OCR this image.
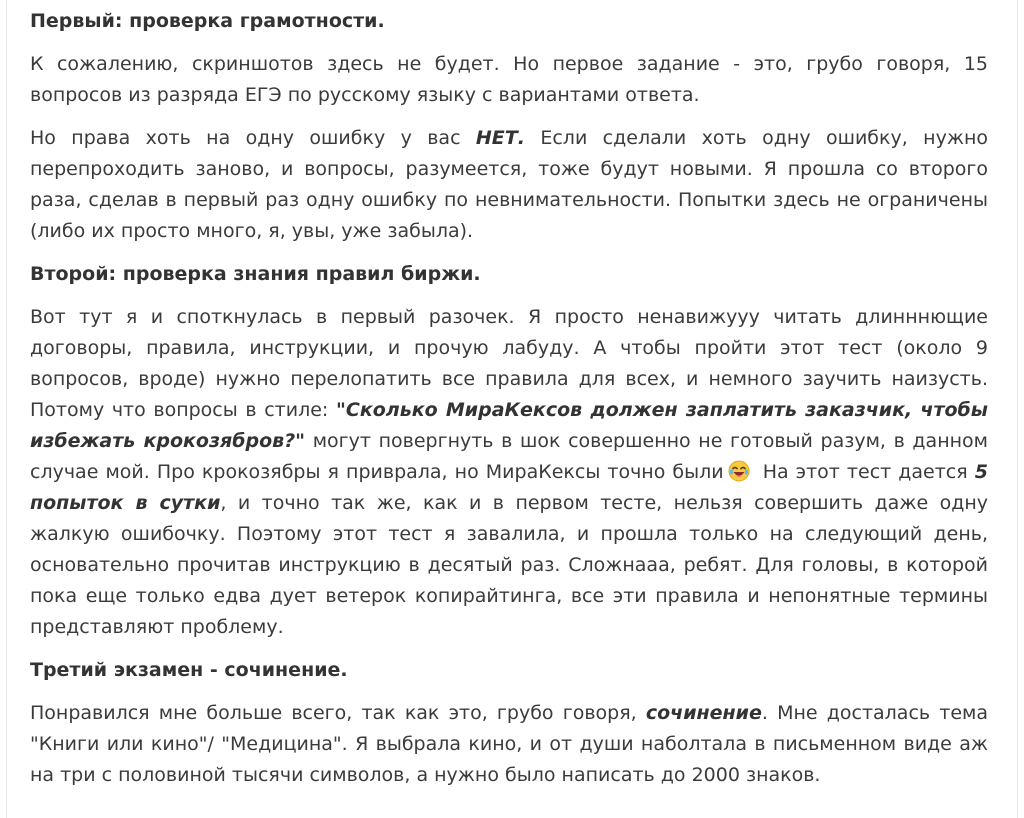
Первый: проверка грамотности.

К сожалению, скриншотов здесь не будет. Но первое задание - это, грубо говоря, 15 вопросов из разряда ЕГЭ по русскому языку с вариантами ответа.

Но права хоть на одну ошибку у вас НЕТ. Если сделали хоть одну ошибку, нужно перепроходить заново, и вопросы, разумеется, тоже будут новыми. Я прошла со второго раза, сделав в первый раз одну ошибку по невнимательности. Попытки здесь не ограничены (либо их просто много, я, увы, уже забыла).

Второй: проверка знания правил биржи.

Вот тут я и споткнулась в первый разочек. Я просто ненавижууу читать длинннющие договоры, правила, инструкции, и прочую лабуду. А чтобы пройти этот тест (около 9 вопросов, вроде) нужно перелопатить все правила для всех, и немного заучить наизусть. Потому что вопросы в стиле: "Сколько МираКексов должен заплатить заказчик, чтобы избежать крокозябров?" могут повергнуть в шок совершенно не готовый разум, в данном случае мой. Про крокозябры я приврала, но МираКексы точно были На этот тест дается 5 попыток в сутки, и точно так же, как и в первом тесте, нельзя совершить даже одну жалкую ошибочку. Поэтому этот тест я завалила, и прошла только на следующий день, основательно прочитав инструкцию в десятый раз. Сложнааа, ребят. Для головы, в которой пока еще только едва дует ветерок копирайтинга, все эти правила и непонятные термины представляют проблему.

Третий экзамен - сочинение.

Понравился мне больше всего, так как это, грубо говоря, сочинение. Мне досталась тема "Книги или кино"/ "Медицина". Я выбрала кино, и от души наболтала в письменном виде аж на три с половиной тысячи символов, а нужно было написать до 2000 знаков.
